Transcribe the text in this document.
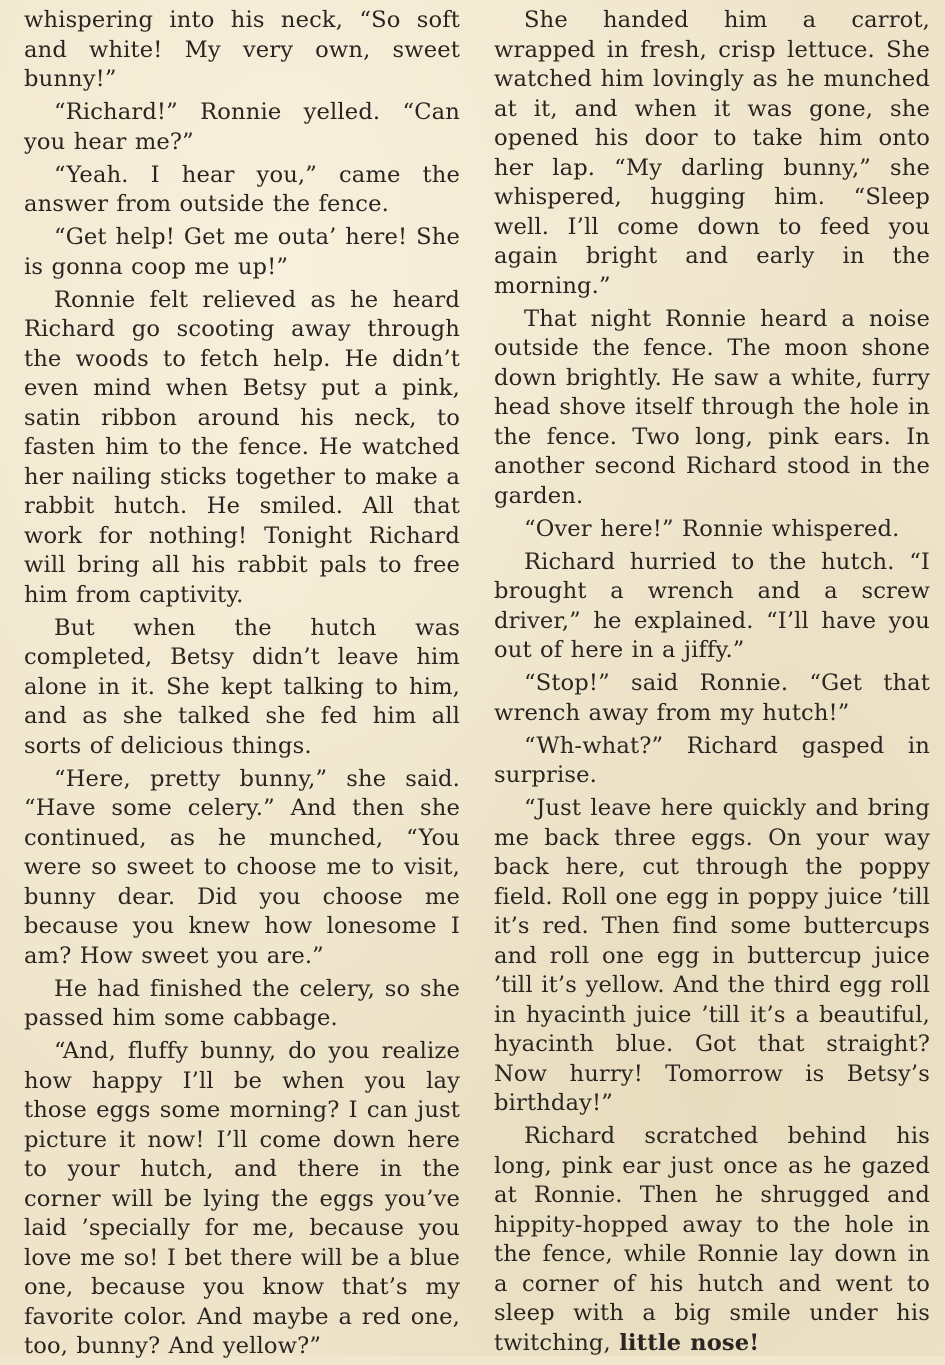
whispering into his neck, “So soft and white! My very own, sweet bunny!”

“Richard!” Ronnie yelled. “Can you hear me?”

“Yeah. I hear you,” came the answer from outside the fence.

“Get help! Get me outa’ here! She is gonna coop me up!”

Ronnie felt relieved as he heard Richard go scooting away through the woods to fetch help. He didn’t even mind when Betsy put a pink, satin ribbon around his neck, to fasten him to the fence. He watched her nailing sticks together to make a rabbit hutch. He smiled. All that work for nothing! Tonight Richard will bring all his rabbit pals to free him from captivity.

But when the hutch was completed, Betsy didn’t leave him alone in it. She kept talking to him, and as she talked she fed him all sorts of delicious things.

“Here, pretty bunny,” she said. “Have some celery.” And then she continued, as he munched, “You were so sweet to choose me to visit, bunny dear. Did you choose me because you knew how lonesome I am? How sweet you are.”

He had finished the celery, so she passed him some cabbage.

“And, fluffy bunny, do you realize how happy I’ll be when you lay those eggs some morning? I can just picture it now! I’ll come down here to your hutch, and there in the corner will be lying the eggs you’ve laid ’specially for me, because you love me so! I bet there will be a blue one, because you know that’s my favorite color. And maybe a red one, too, bunny? And yellow?”

She handed him a carrot, wrapped in fresh, crisp lettuce. She watched him lovingly as he munched at it, and when it was gone, she opened his door to take him onto her lap. “My darling bunny,” she whispered, hugging him. “Sleep well. I’ll come down to feed you again bright and early in the morning.”

That night Ronnie heard a noise outside the fence. The moon shone down brightly. He saw a white, furry head shove itself through the hole in the fence. Two long, pink ears. In another second Richard stood in the garden.

“Over here!” Ronnie whispered.

Richard hurried to the hutch. “I brought a wrench and a screw driver,” he explained. “I’ll have you out of here in a jiffy.”

“Stop!” said Ronnie. “Get that wrench away from my hutch!”

“Wh-what?” Richard gasped in surprise.

“Just leave here quickly and bring me back three eggs. On your way back here, cut through the poppy field. Roll one egg in poppy juice ’till it’s red. Then find some buttercups and roll one egg in buttercup juice ’till it’s yellow. And the third egg roll in hyacinth juice ’till it’s a beautiful, hyacinth blue. Got that straight? Now hurry! Tomorrow is Betsy’s birthday!”

Richard scratched behind his long, pink ear just once as he gazed at Ronnie. Then he shrugged and hippity-hopped away to the hole in the fence, while Ronnie lay down in a corner of his hutch and went to sleep with a big smile under his twitching, little nose!
